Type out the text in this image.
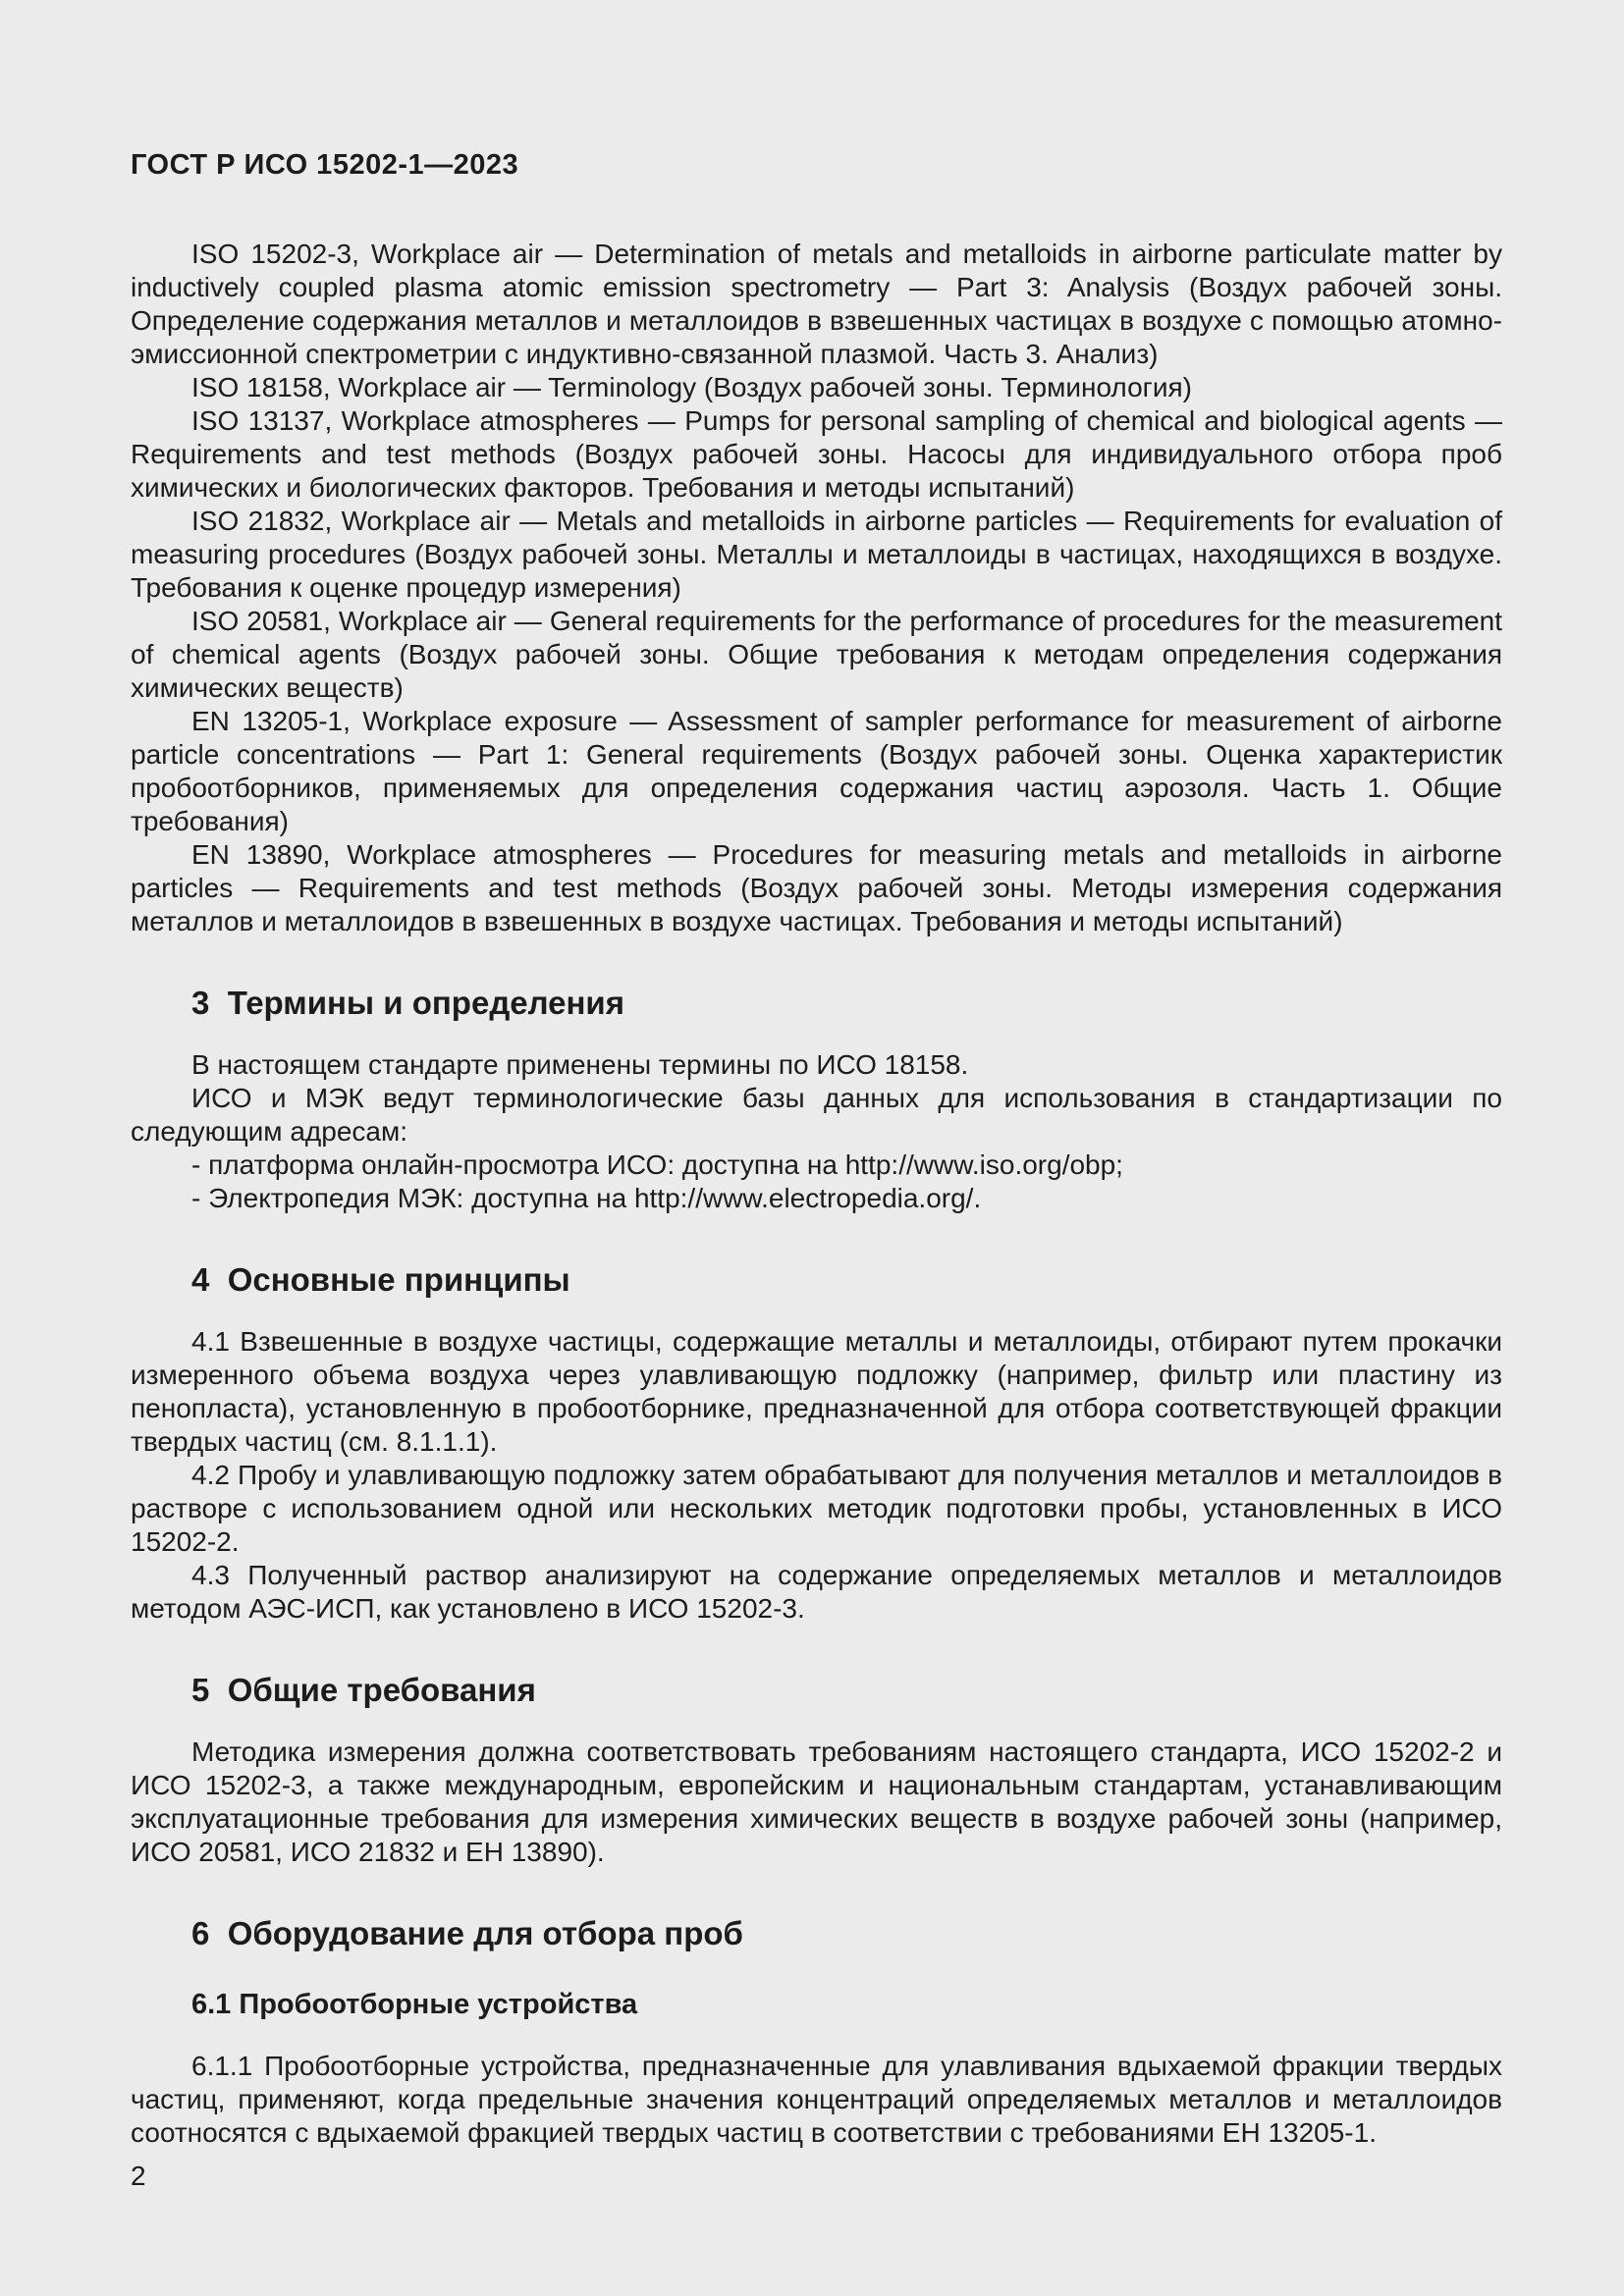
ГОСТ Р ИСО 15202-1—2023

ISO 15202-3, Workplace air — Determination of metals and metalloids in airborne particulate matter by inductively coupled plasma atomic emission spectrometry — Part 3: Analysis (Воздух рабочей зоны. Определение содержания металлов и металлоидов в взвешенных частицах в воздухе с помощью атомно-эмиссионной спектрометрии с индуктивно-связанной плазмой. Часть 3. Анализ)

ISO 18158, Workplace air — Terminology (Воздух рабочей зоны. Терминология)

ISO 13137, Workplace atmospheres — Pumps for personal sampling of chemical and biological agents — Requirements and test methods (Воздух рабочей зоны. Насосы для индивидуального отбора проб химических и биологических факторов. Требования и методы испытаний)

ISO 21832, Workplace air — Metals and metalloids in airborne particles — Requirements for evaluation of measuring procedures (Воздух рабочей зоны. Металлы и металлоиды в частицах, находящихся в воздухе. Требования к оценке процедур измерения)

ISO 20581, Workplace air — General requirements for the performance of procedures for the measurement of chemical agents (Воздух рабочей зоны. Общие требования к методам определения содержания химических веществ)

EN 13205-1, Workplace exposure — Assessment of sampler performance for measurement of airborne particle concentrations — Part 1: General requirements (Воздух рабочей зоны. Оценка характеристик пробоотборников, применяемых для определения содержания частиц аэрозоля. Часть 1. Общие требования)

EN 13890, Workplace atmospheres — Procedures for measuring metals and metalloids in airborne particles — Requirements and test methods (Воздух рабочей зоны. Методы измерения содержания металлов и металлоидов в взвешенных в воздухе частицах. Требования и методы испытаний)

3  Термины и определения

В настоящем стандарте применены термины по ИСО 18158.

ИСО и МЭК ведут терминологические базы данных для использования в стандартизации по следующим адресам:

- платформа онлайн-просмотра ИСО: доступна на http://www.iso.org/obp;

- Электропедия МЭК: доступна на http://www.electropedia.org/.

4  Основные принципы

4.1 Взвешенные в воздухе частицы, содержащие металлы и металлоиды, отбирают путем прокачки измеренного объема воздуха через улавливающую подложку (например, фильтр или пластину из пенопласта), установленную в пробоотборнике, предназначенной для отбора соответствующей фракции твердых частиц (см. 8.1.1.1).

4.2 Пробу и улавливающую подложку затем обрабатывают для получения металлов и металлоидов в растворе с использованием одной или нескольких методик подготовки пробы, установленных в ИСО 15202-2.

4.3 Полученный раствор анализируют на содержание определяемых металлов и металлоидов методом АЭС-ИСП, как установлено в ИСО 15202-3.

5  Общие требования

Методика измерения должна соответствовать требованиям настоящего стандарта, ИСО 15202-2 и ИСО 15202-3, а также международным, европейским и национальным стандартам, устанавливающим эксплуатационные требования для измерения химических веществ в воздухе рабочей зоны (например, ИСО 20581, ИСО 21832 и ЕН 13890).

6  Оборудование для отбора проб
6.1 Пробоотборные устройства

6.1.1 Пробоотборные устройства, предназначенные для улавливания вдыхаемой фракции твердых частиц, применяют, когда предельные значения концентраций определяемых металлов и металлоидов соотносятся с вдыхаемой фракцией твердых частиц в соответствии с требованиями ЕН 13205-1.

2
